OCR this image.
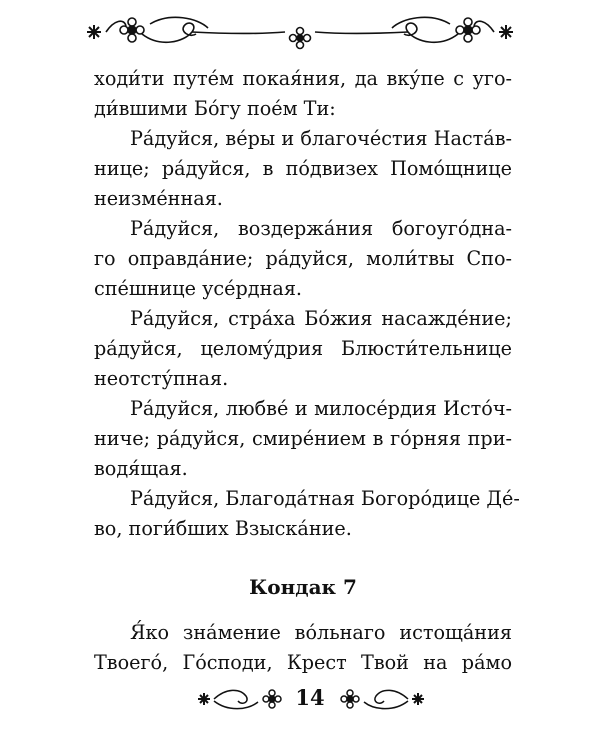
ходи́ти путе́м покая́ния, да вку́пе с уго-
ди́вшими Бо́гу пое́м Ти:
Ра́дуйся, ве́ры и благоче́стия Наста́в-
нице; ра́дуйся, в по́двизех Помо́щнице
неизме́нная.
Ра́дуйся, воздержа́ния богоуго́дна-
го оправда́ние; ра́дуйся, моли́твы Спо-
спе́шнице усе́рдная.
Ра́дуйся, стра́ха Бо́жия насажде́ние;
ра́дуйся, целому́дрия Блюсти́тельнице
неотсту́пная.
Ра́дуйся, любве́ и милосе́рдия Исто́ч-
ниче; ра́дуйся, смире́нием в го́рняя при-
водя́щая.
Ра́дуйся, Благода́тная Богоро́дице Де́-
во, поги́бших Взыска́ние.
Кондак 7
Я́ко зна́мение во́льнаго истоща́ния
Твоего́, Го́споди, Крест Твой на ра́мо
14
